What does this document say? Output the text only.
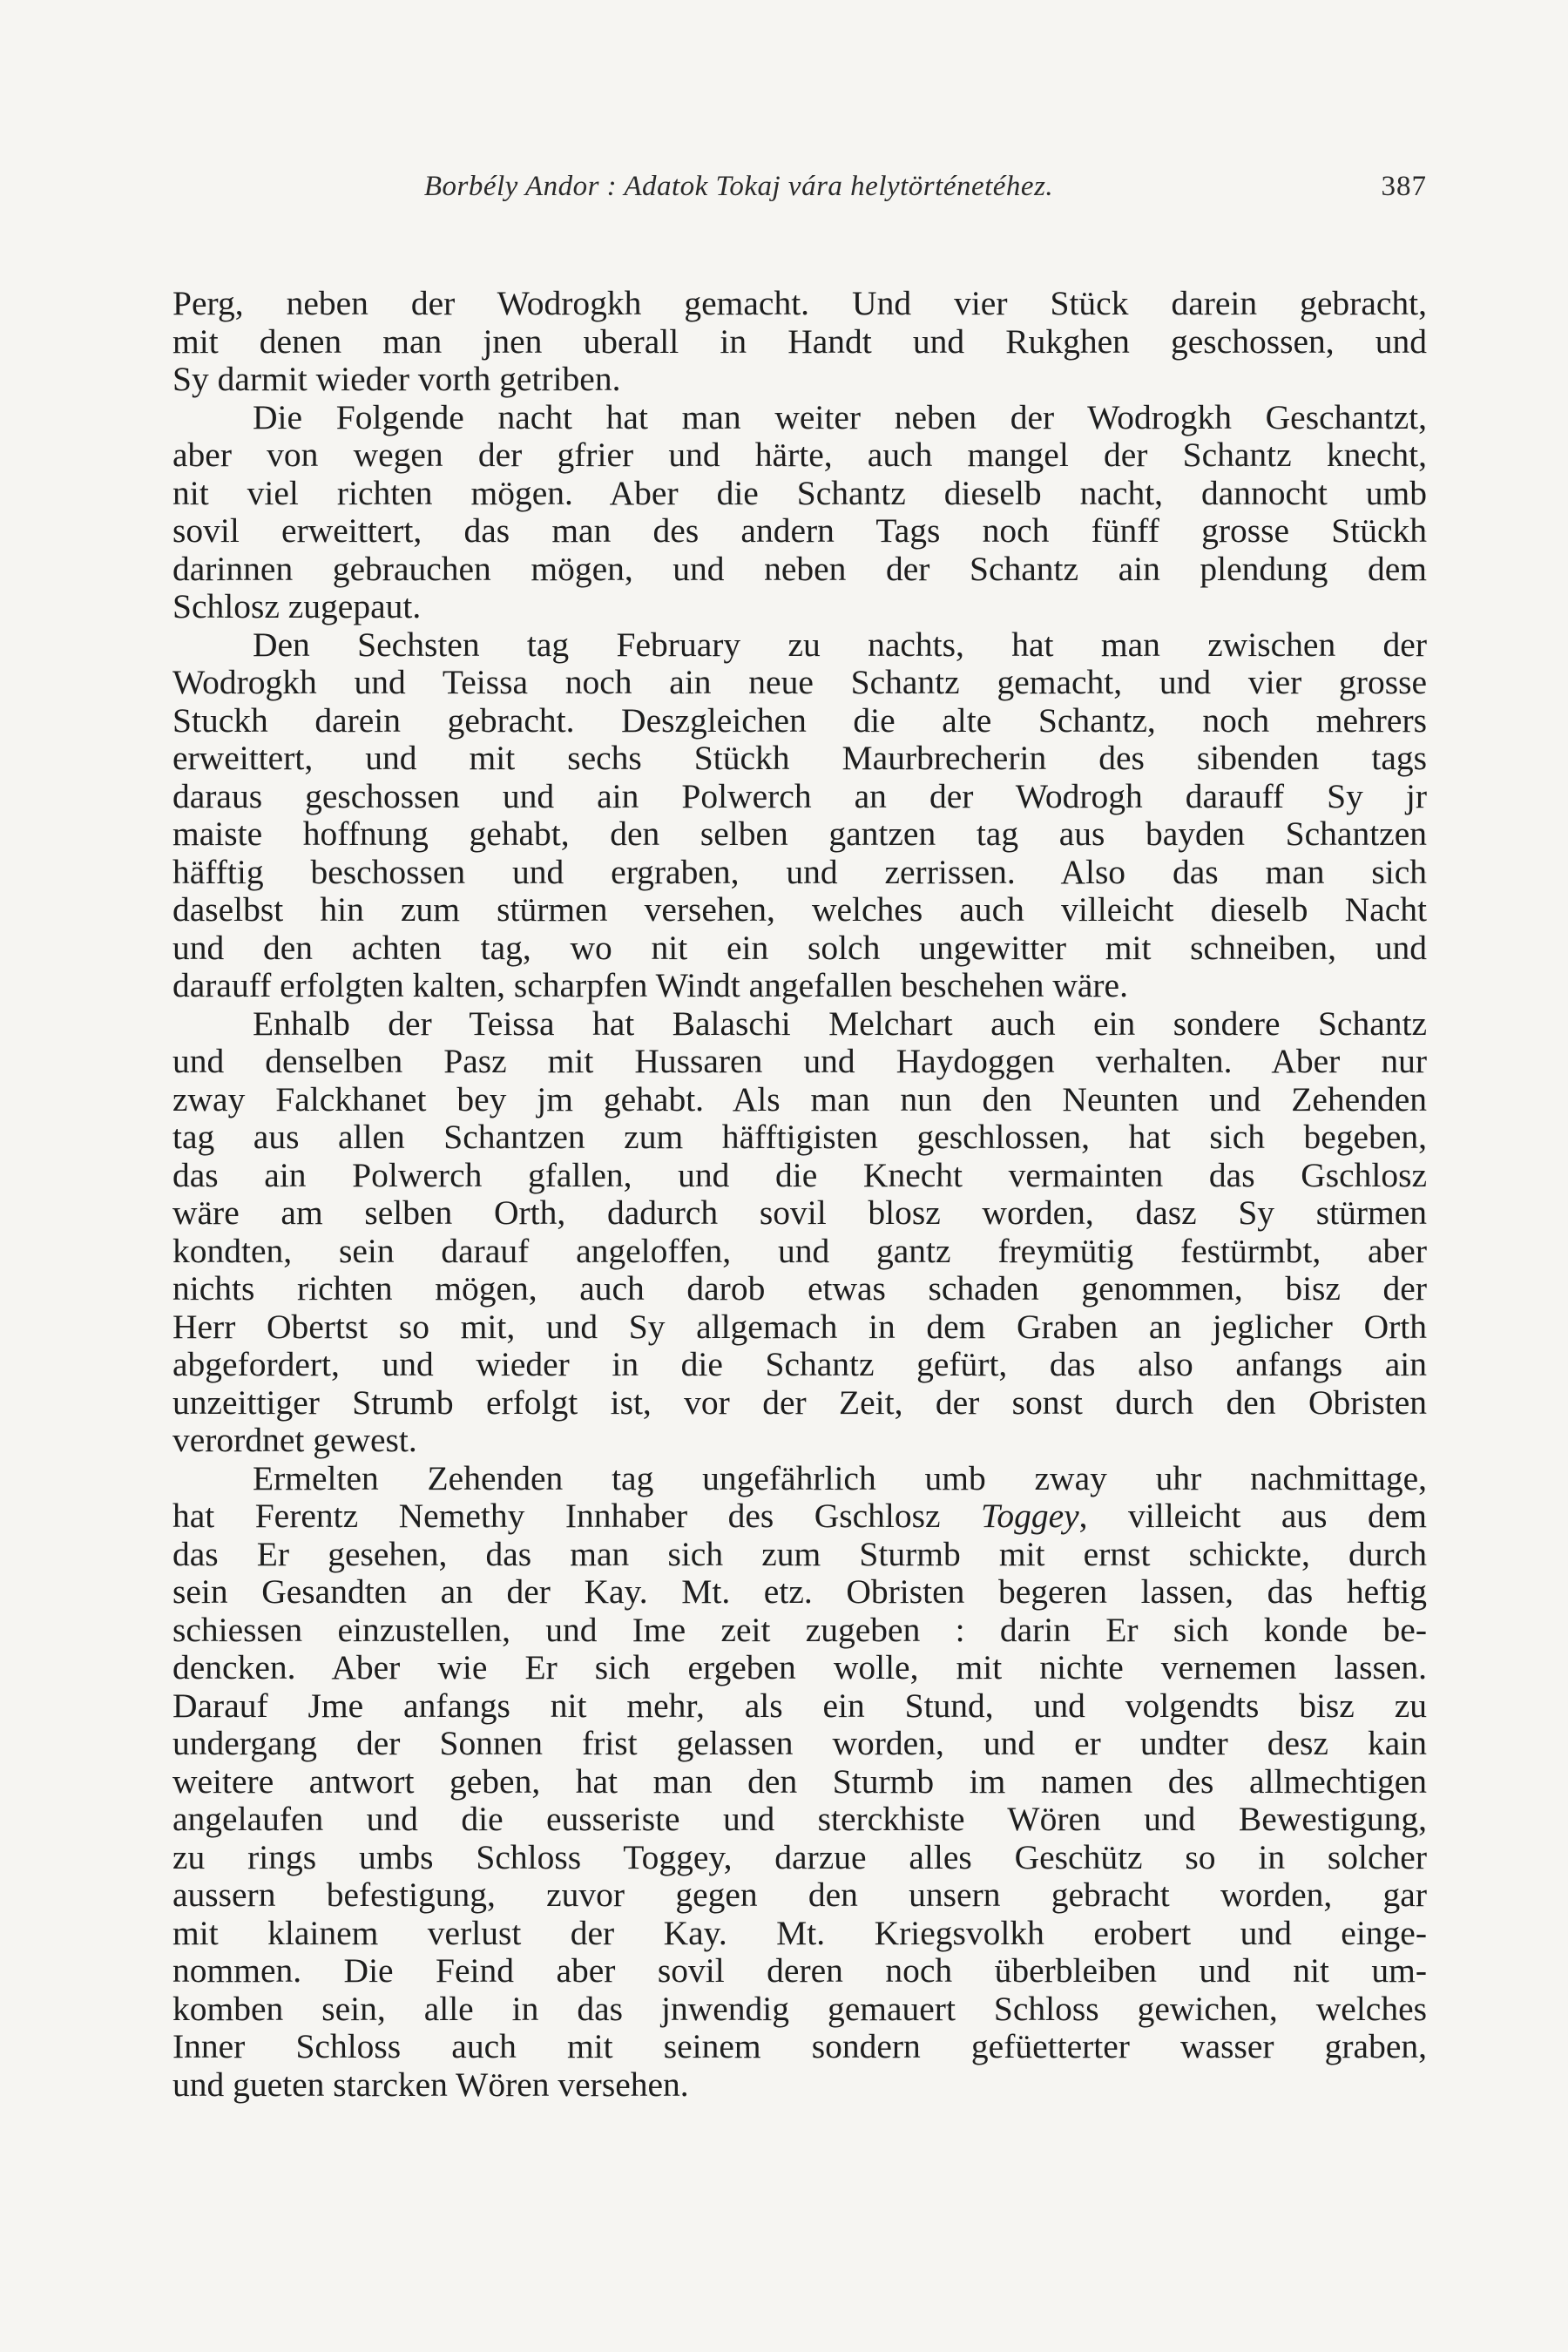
Borbély Andor : Adatok Tokaj vára helytörténetéhez.	387
Perg, neben der Wodrogkh gemacht. Und vier Stück darein gebracht,
mit denen man jnen uberall in Handt und Rukghen geschossen, und
Sy darmit wieder vorth getriben.
Die Folgende nacht hat man weiter neben der Wodrogkh Geschantzt,
aber von wegen der gfrier und härte, auch mangel der Schantz knecht,
nit viel richten mögen. Aber die Schantz dieselb nacht, dannocht umb
sovil erweittert, das man des andern Tags noch fünff grosse Stückh
darinnen gebrauchen mögen, und neben der Schantz ain plendung dem
Schlosz zugepaut.
Den Sechsten tag February zu nachts, hat man zwischen der
Wodrogkh und Teissa noch ain neue Schantz gemacht, und vier grosse
Stuckh darein gebracht. Deszgleichen die alte Schantz, noch mehrers
erweittert, und mit sechs Stückh Maurbrecherin des sibenden tags
daraus geschossen und ain Polwerch an der Wodrogh darauff Sy jr
maiste hoffnung gehabt, den selben gantzen tag aus bayden Schantzen
häfftig beschossen und ergraben, und zerrissen. Also das man sich
daselbst hin zum stürmen versehen, welches auch villeicht dieselb Nacht
und den achten tag, wo nit ein solch ungewitter mit schneiben, und
darauff erfolgten kalten, scharpfen Windt angefallen beschehen wäre.
Enhalb der Teissa hat Balaschi Melchart auch ein sondere Schantz
und denselben Pasz mit Hussaren und Haydoggen verhalten. Aber nur
zway Falckhanet bey jm gehabt. Als man nun den Neunten und Zehenden
tag aus allen Schantzen zum häfftigisten geschlossen, hat sich begeben,
das ain Polwerch gfallen, und die Knecht vermainten das Gschlosz
wäre am selben Orth, dadurch sovil blosz worden, dasz Sy stürmen
kondten, sein darauf angeloffen, und gantz freymütig festürmbt, aber
nichts richten mögen, auch darob etwas schaden genommen, bisz der
Herr Obertst so mit, und Sy allgemach in dem Graben an jeglicher Orth
abgefordert, und wieder in die Schantz gefürt, das also anfangs ain
unzeittiger Strumb erfolgt ist, vor der Zeit, der sonst durch den Obristen
verordnet gewest.
Ermelten Zehenden tag ungefährlich umb zway uhr nachmittage,
hat Ferentz Nemethy Innhaber des Gschlosz Toggey, villeicht aus dem
das Er gesehen, das man sich zum Sturmb mit ernst schickte, durch
sein Gesandten an der Kay. Mt. etz. Obristen begeren lassen, das heftig
schiessen einzustellen, und Ime zeit zugeben : darin Er sich konde be-
dencken. Aber wie Er sich ergeben wolle, mit nichte vernemen lassen.
Darauf Jme anfangs nit mehr, als ein Stund, und volgendts bisz zu
undergang der Sonnen frist gelassen worden, und er undter desz kain
weitere antwort geben, hat man den Sturmb im namen des allmechtigen
angelaufen und die eusseriste und sterckhiste Wören und Bewestigung,
zu rings umbs Schloss Toggey, darzue alles Geschütz so in solcher
aussern befestigung, zuvor gegen den unsern gebracht worden, gar
mit klainem verlust der Kay. Mt. Kriegsvolkh erobert und einge-
nommen. Die Feind aber sovil deren noch überbleiben und nit um-
komben sein, alle in das jnwendig gemauert Schloss gewichen, welches
Inner Schloss auch mit seinem sondern gefüetterter wasser graben,
und gueten starcken Wören versehen.
